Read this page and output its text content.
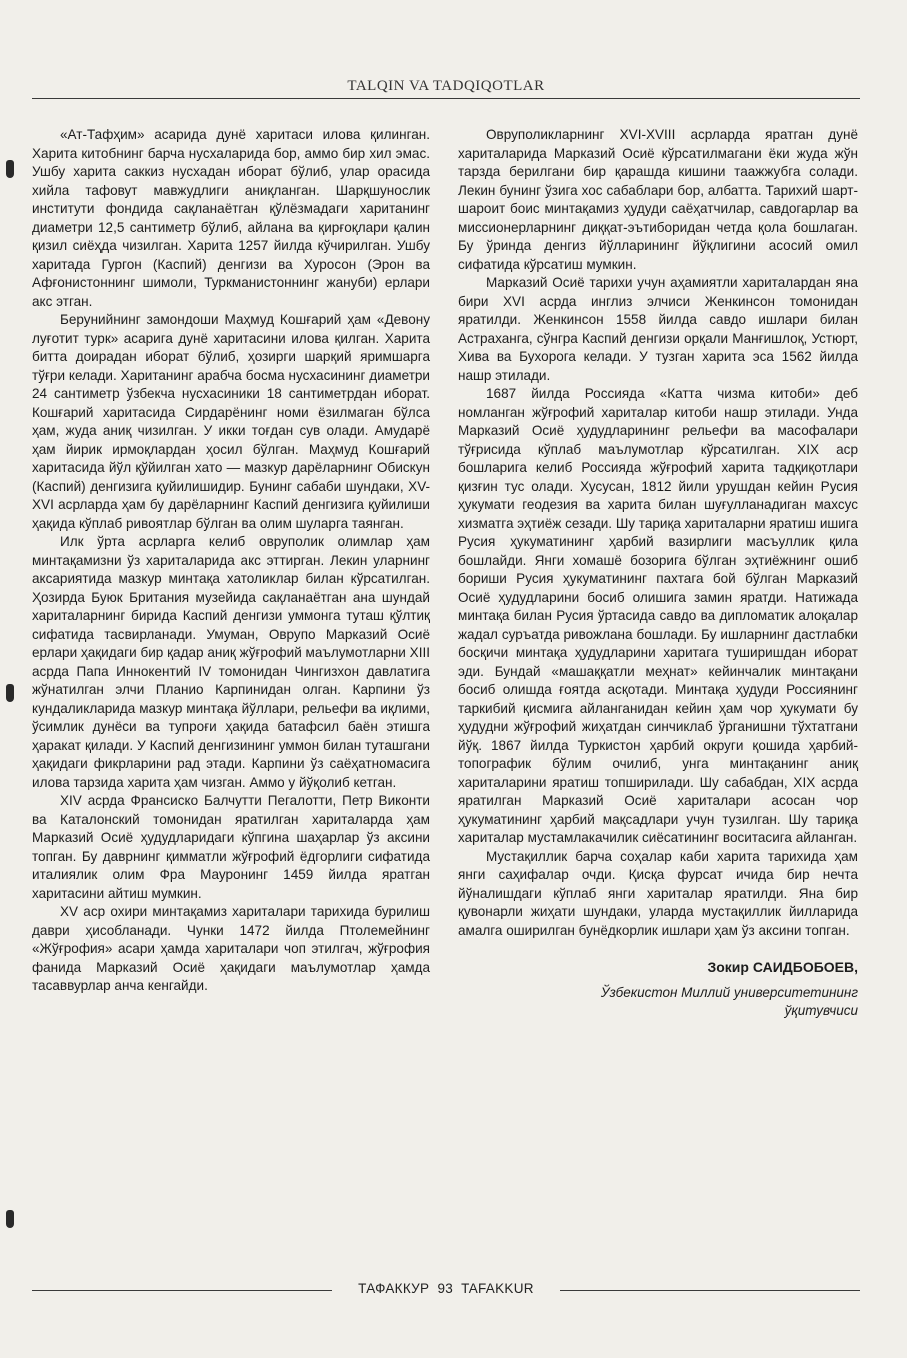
TALQIN VA TADQIQOTLAR

«Ат-Тафҳим» асарида дунё харитаси илова қилинган. Харита китобнинг барча нусхаларида бор, аммо бир хил эмас. Ушбу харита саккиз нусхадан иборат бўлиб, улар орасида хийла тафовут мавжудлиги аниқланган. Шарқшунослик институти фондида сақланаётган қўлёзмадаги хаританинг диаметри 12,5 сантиметр бўлиб, айлана ва қирғоқлари қалин қизил сиёҳда чизилган. Харита 1257 йилда кўчирилган. Ушбу харитада Гургон (Каспий) денгизи ва Хуросон (Эрон ва Афғонистоннинг шимоли, Туркманистоннинг жануби) ерлари акс этган.

Берунийнинг замондоши Маҳмуд Кошғарий ҳам «Девону луғотит турк» асарига дунё харитасини илова қилган. Харита битта доирадан иборат бўлиб, ҳозирги шарқий яримшарга тўғри келади. Хаританинг арабча босма нусхасининг диаметри 24 сантиметр ўзбекча нусхасиники 18 сантиметрдан иборат. Кошғарий харитасида Сирдарёнинг номи ёзилмаган бўлса ҳам, жуда аниқ чизилган. У икки тоғдан сув олади. Амударё ҳам йирик ирмоқлардан ҳосил бўлган. Маҳмуд Кошғарий харитасида йўл қўйилган хато — мазкур дарёларнинг Обискун (Каспий) денгизига қуйилишидир. Бунинг сабаби шундаки, XV-XVI асрларда ҳам бу дарёларнинг Каспий денгизига қуйилиши ҳақида кўплаб ривоятлар бўлган ва олим шуларга таянган.

Илк ўрта асрларга келиб овруполик олимлар ҳам минтақамизни ўз хариталарида акс эттирган. Лекин уларнинг аксариятида мазкур минтақа хатоликлар билан кўрсатилган. Ҳозирда Буюк Британия музейида сақланаётган ана шундай хариталарнинг бирида Каспий денгизи уммонга туташ қўлтиқ сифатида тасвирланади. Умуман, Оврупо Марказий Осиё ерлари ҳақидаги бир қадар аниқ жўғрофий маълумотларни XIII асрда Папа Иннокентий IV томонидан Чингизхон давлатига жўнатилган элчи Планио Карпинидан олган. Карпини ўз кундаликларида мазкур минтақа йўллари, рельефи ва иқлими, ўсимлик дунёси ва тупроғи ҳақида батафсил баён этишга ҳаракат қилади. У Каспий денгизининг уммон билан туташгани ҳақидаги фикрларини рад этади. Карпини ўз саёҳатномасига илова тарзида харита ҳам чизган. Аммо у йўқолиб кетган.

XIV асрда Франсиско Балчутти Пегалотти, Петр Виконти ва Каталонский томонидан яратилган хариталарда ҳам Марказий Осиё ҳудудларидаги кўпгина шаҳарлар ўз аксини топган. Бу даврнинг қимматли жўғрофий ёдгорлиги сифатида италиялик олим Фра Мауронинг 1459 йилда яратган харитасини айтиш мумкин.

XV аср охири минтақамиз хариталари тарихида бурилиш даври ҳисобланади. Чунки 1472 йилда Птолемейнинг «Жўғрофия» асари ҳамда хариталари чоп этилгач, жўғрофия фанида Марказий Осиё ҳақидаги маълумотлар ҳамда тасаввурлар анча кенгайди.

Овруполикларнинг XVI-XVIII асрларда яратган дунё хариталарида Марказий Осиё кўрсатилмагани ёки жуда жўн тарзда берилгани бир қарашда кишини таажжубга солади. Лекин бунинг ўзига хос сабаблари бор, албатта. Тарихий шарт-шароит боис минтақамиз ҳудуди саёҳатчилар, савдогарлар ва миссионерларнинг диққат-эътиборидан четда қола бошлаган. Бу ўринда денгиз йўлларининг йўқлигини асосий омил сифатида кўрсатиш мумкин.

Марказий Осиё тарихи учун аҳамиятли хариталардан яна бири XVI асрда инглиз элчиси Женкинсон томонидан яратилди. Женкинсон 1558 йилда савдо ишлари билан Астраханга, сўнгра Каспий денгизи орқали Манғишлоқ, Устюрт, Хива ва Бухорога келади. У тузган харита эса 1562 йилда нашр этилади.

1687 йилда Россияда «Катта чизма китоби» деб номланган жўғрофий хариталар китоби нашр этилади. Унда Марказий Осиё ҳудудларининг рельефи ва масофалари тўғрисида кўплаб маълумотлар кўрсатилган. XIX аср бошларига келиб Россияда жўғрофий харита тадқиқотлари қизғин тус олади. Хусусан, 1812 йили урушдан кейин Русия ҳукумати геодезия ва харита билан шуғулланадиган махсус хизматга эҳтиёж сезади. Шу тариқа хариталарни яратиш ишига Русия ҳукуматининг ҳарбий вазирлиги масъуллик қила бошлайди. Янги хомашё бозорига бўлган эҳтиёжнинг ошиб бориши Русия ҳукуматининг пахтага бой бўлган Марказий Осиё ҳудудларини босиб олишига замин яратди. Натижада минтақа билан Русия ўртасида савдо ва дипломатик алоқалар жадал суръатда ривожлана бошлади. Бу ишларнинг дастлабки босқичи минтақа ҳудудларини харитага туширишдан иборат эди. Бундай «машаққатли меҳнат» кейинчалик минтақани босиб олишда ғоятда асқотади. Минтақа ҳудуди Россиянинг таркибий қисмига айланганидан кейин ҳам чор ҳукумати бу ҳудудни жўғрофий жиҳатдан синчиклаб ўрганишни тўхтатгани йўқ. 1867 йилда Туркистон ҳарбий округи қошида ҳарбий-топографик бўлим очилиб, унга минтақанинг аниқ хариталарини яратиш топширилади. Шу сабабдан, XIX асрда яратилган Марказий Осиё хариталари асосан чор ҳукуматининг ҳарбий мақсадлари учун тузилган. Шу тариқа хариталар мустамлакачилик сиёсатининг воситасига айланган.

Мустақиллик барча соҳалар каби харита тарихида ҳам янги саҳифалар очди. Қисқа фурсат ичида бир нечта йўналишдаги кўплаб янги хариталар яратилди. Яна бир қувонарли жиҳати шундаки, уларда мустақиллик йилларида амалга оширилган бунёдкорлик ишлари ҳам ўз аксини топган.

Зокир САИДБОБОЕВ,
Ўзбекистон Миллий университетининг
ўқитувчиси
ТАФАККУР  93  TAFAKKUR
